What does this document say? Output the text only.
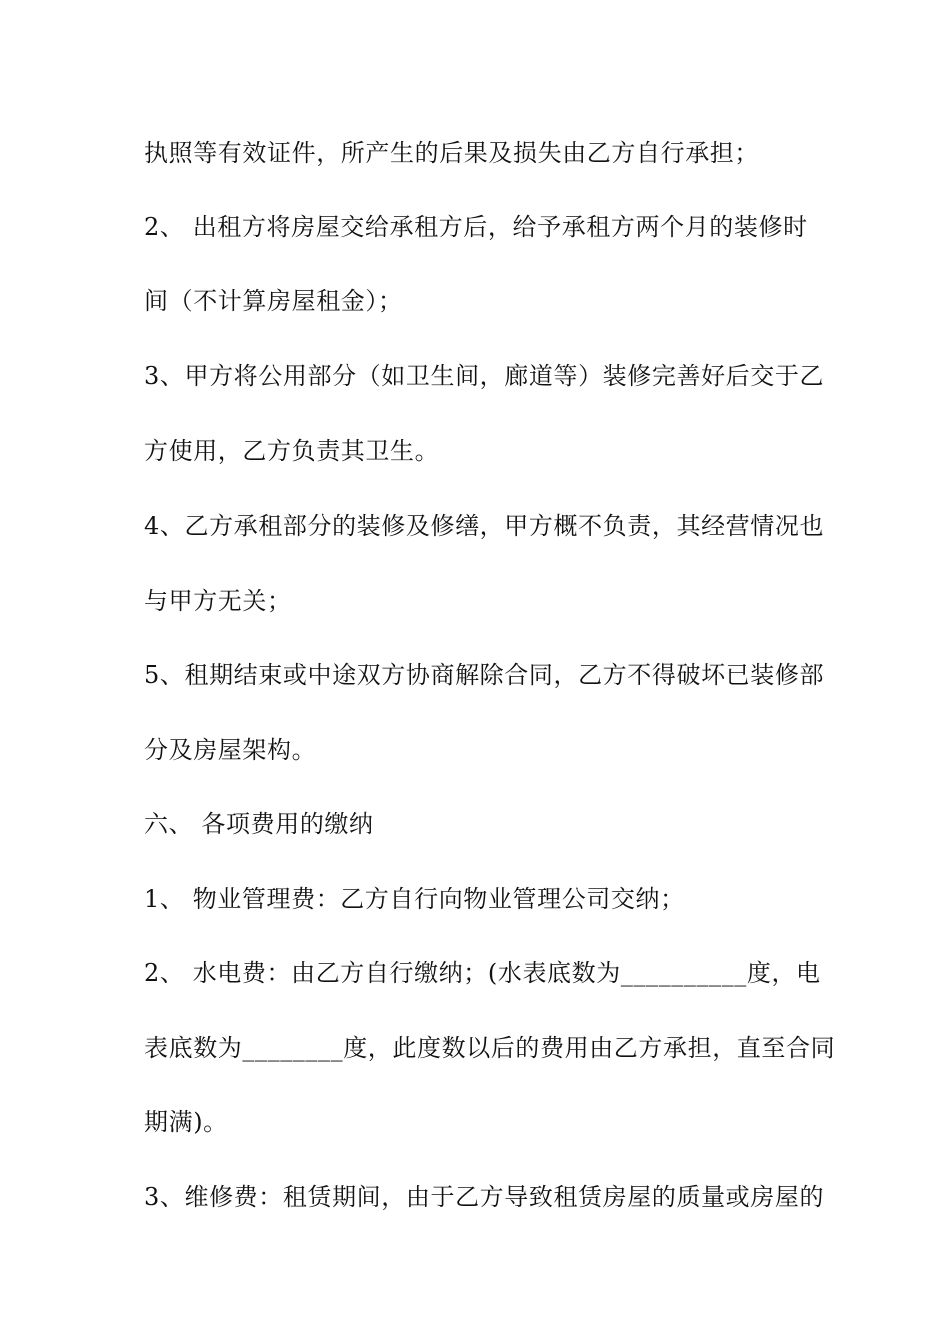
执照等有效证件，所产生的后果及损失由乙方自行承担；
2、 出租方将房屋交给承租方后，给予承租方两个月的装修时
间（不计算房屋租金）；
3、甲方将公用部分（如卫生间，廊道等）装修完善好后交于乙
方使用，乙方负责其卫生。
4、乙方承租部分的装修及修缮，甲方概不负责，其经营情况也
与甲方无关；
5、租期结束或中途双方协商解除合同，乙方不得破坏已装修部
分及房屋架构。
六、 各项费用的缴纳
1、 物业管理费：乙方自行向物业管理公司交纳；
2、 水电费：由乙方自行缴纳；(水表底数为__________度，电
表底数为________度，此度数以后的费用由乙方承担，直至合同
期满)。
3、维修费：租赁期间，由于乙方导致租赁房屋的质量或房屋的
